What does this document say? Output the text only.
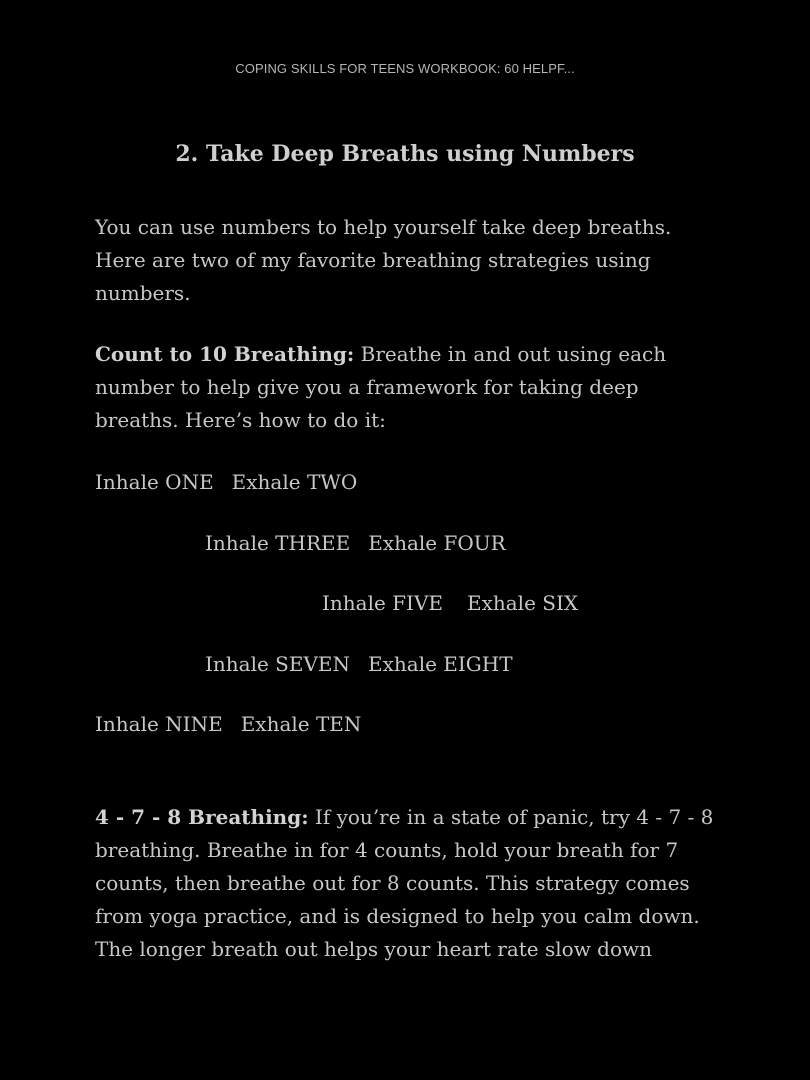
COPING SKILLS FOR TEENS WORKBOOK: 60 HELPF...
2. Take Deep Breaths using Numbers

You can use numbers to help yourself take deep breaths. Here are two of my favorite breathing strategies using numbers.

Count to 10 Breathing: Breathe in and out using each number to help give you a framework for taking deep breaths. Here’s how to do it:

Inhale ONE Exhale TWO
Inhale THREE Exhale FOUR
Inhale FIVE Exhale SIX
Inhale SEVEN Exhale EIGHT
Inhale NINE Exhale TEN

4 - 7 - 8 Breathing: If you’re in a state of panic, try 4 - 7 - 8 breathing. Breathe in for 4 counts, hold your breath for 7 counts, then breathe out for 8 counts. This strategy comes from yoga practice, and is designed to help you calm down. The longer breath out helps your heart rate slow down
